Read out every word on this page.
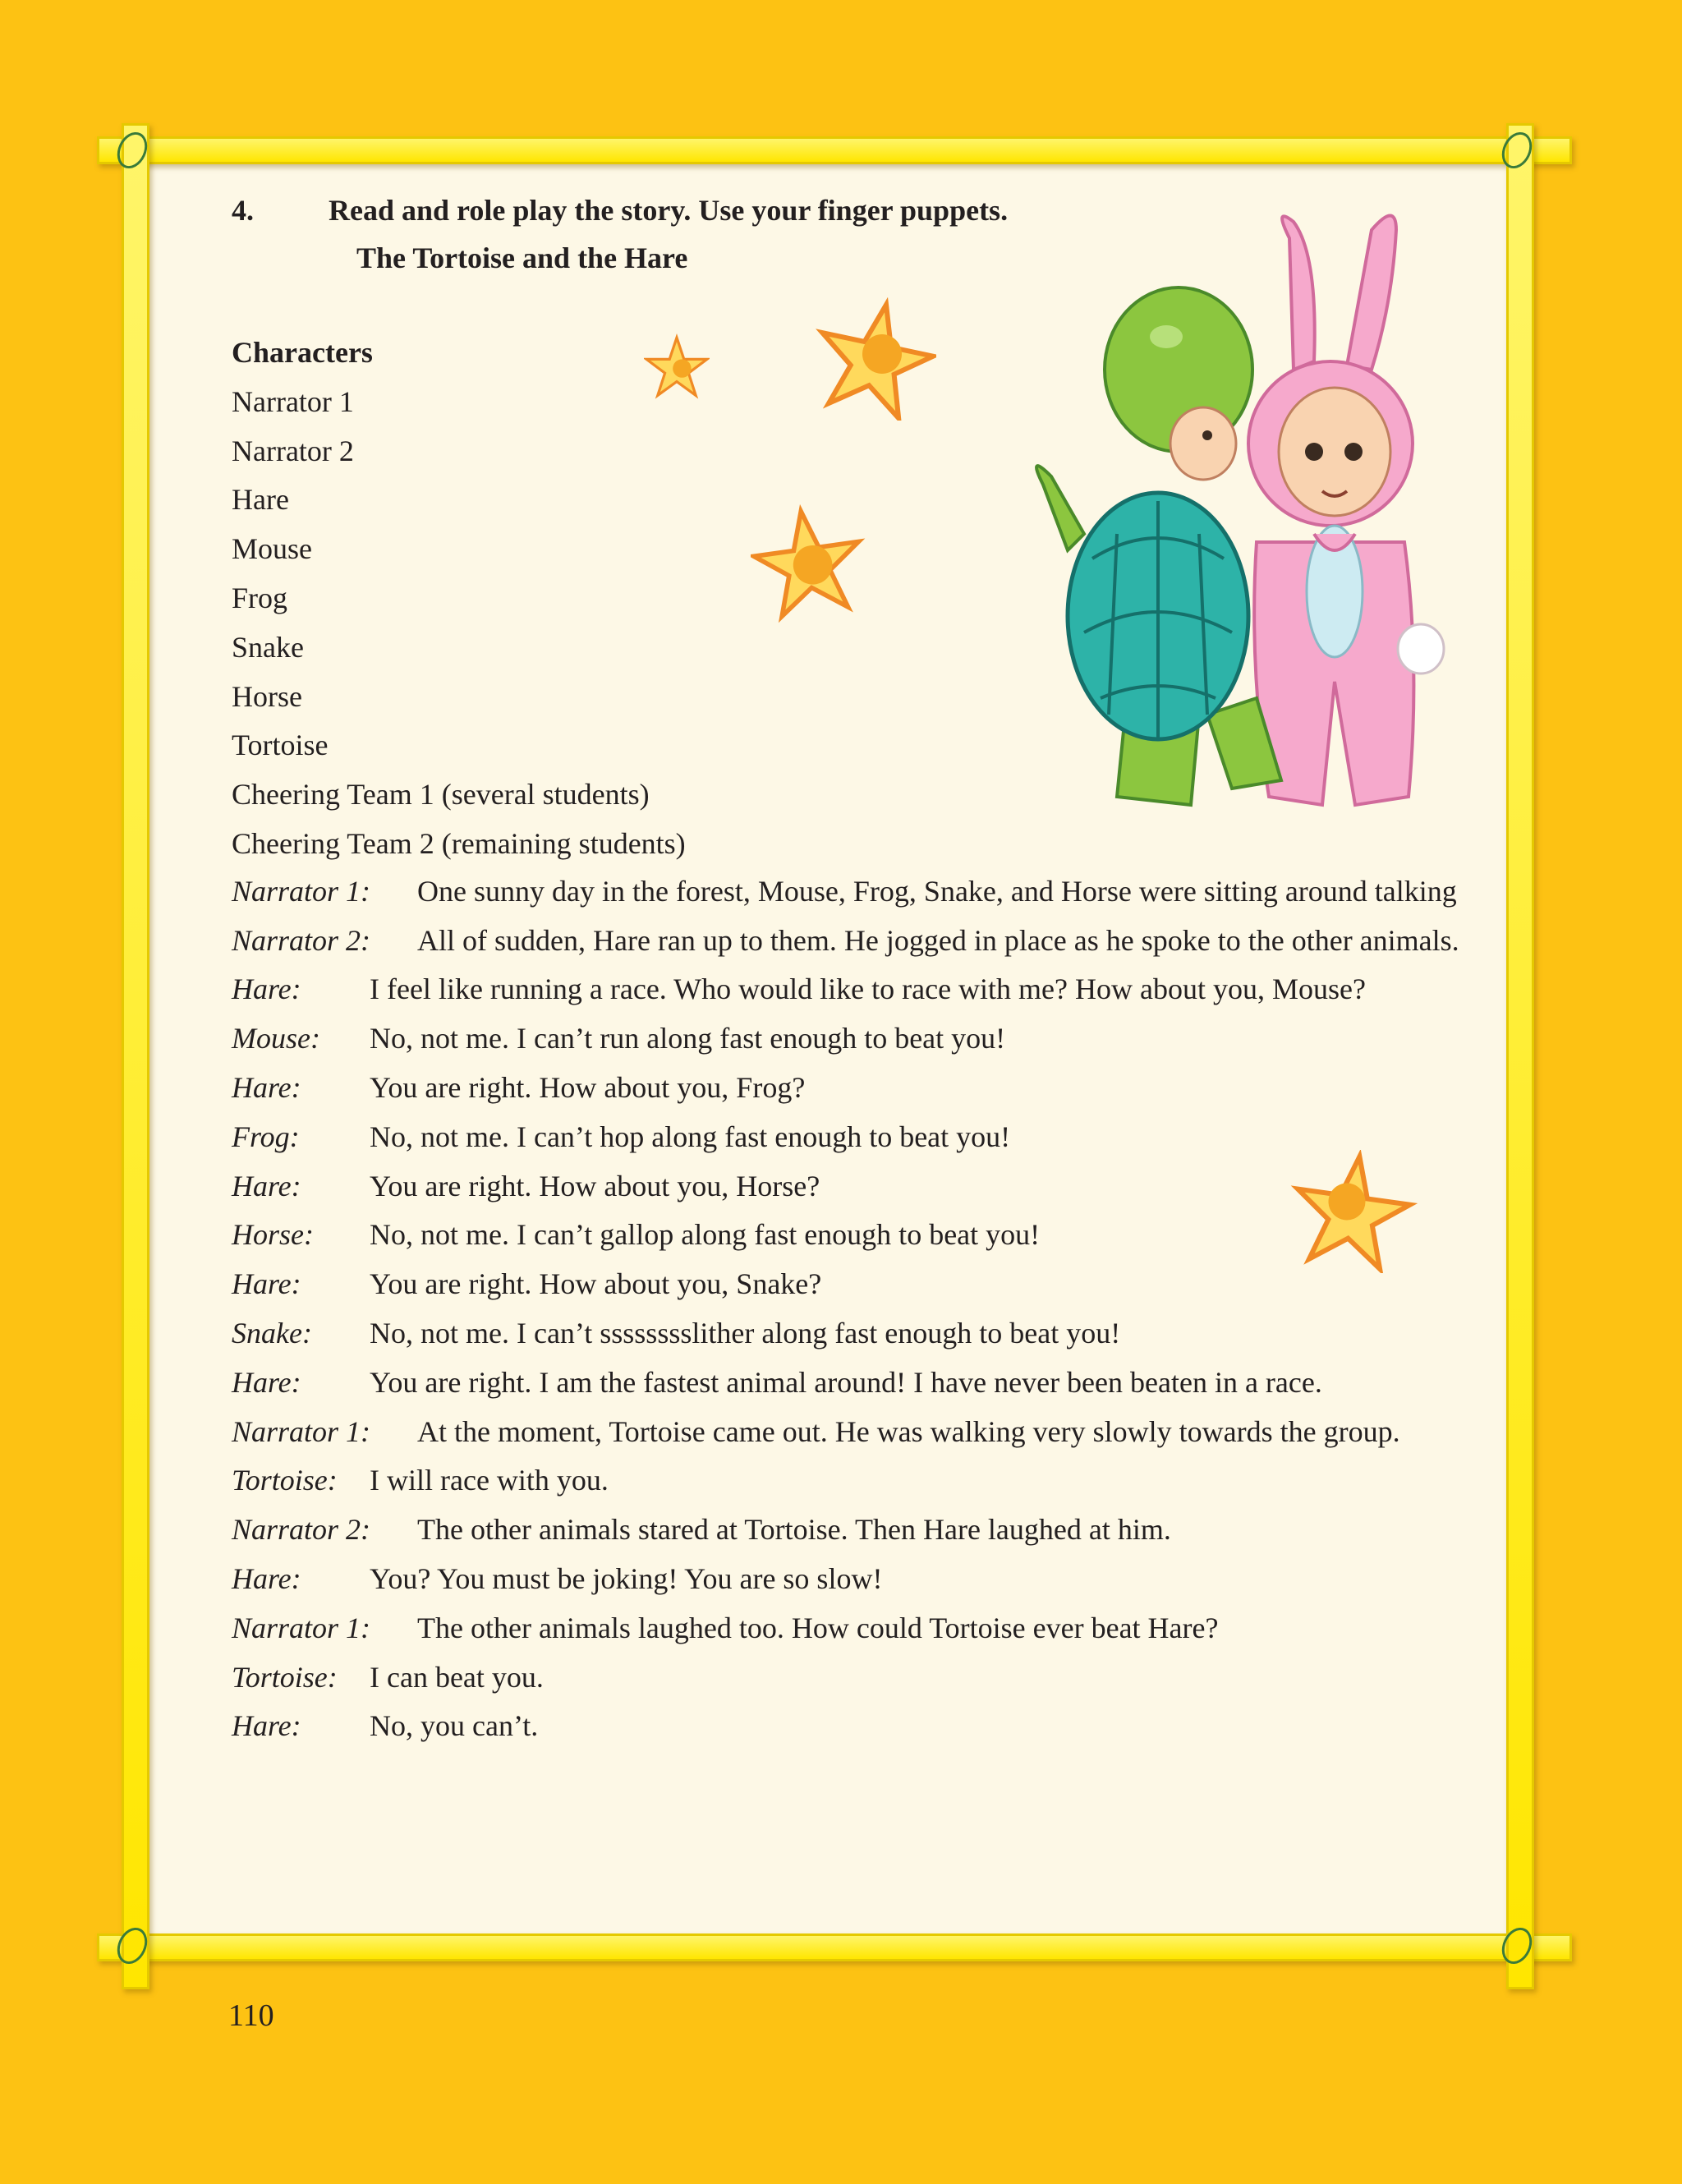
4.	Read and role play the story. Use your finger puppets.
The Tortoise and the Hare
Characters
Narrator 1
Narrator 2
Hare
Mouse
Frog
Snake
Horse
Tortoise
Cheering Team 1 (several students)
Cheering Team 2 (remaining students)
Narrator 1: One sunny day in the forest, Mouse, Frog, Snake, and Horse were sitting around talking
Narrator 2: All of sudden, Hare ran up to them. He jogged in place as he spoke to the other animals.
Hare: I feel like running a race. Who would like to race with me? How about you, Mouse?
Mouse: No, not me. I can’t run along fast enough to beat you!
Hare: You are right. How about you, Frog?
Frog: No, not me. I can’t hop along fast enough to beat you!
Hare: You are right. How about you, Horse?
Horse: No, not me. I can’t gallop along fast enough to beat you!
Hare: You are right. How about you, Snake?
Snake: No, not me. I can’t sssssssslither along fast enough to beat you!
Hare: You are right. I am the fastest animal around! I have never been beaten in a race.
Narrator 1: At the moment, Tortoise came out. He was walking very slowly towards the group.
Tortoise: I will race with you.
Narrator 2: The other animals stared at Tortoise. Then Hare laughed at him.
Hare: You? You must be joking! You are so slow!
Narrator 1: The other animals laughed too. How could Tortoise ever beat Hare?
Tortoise: I can beat you.
Hare: No, you can’t.
110
